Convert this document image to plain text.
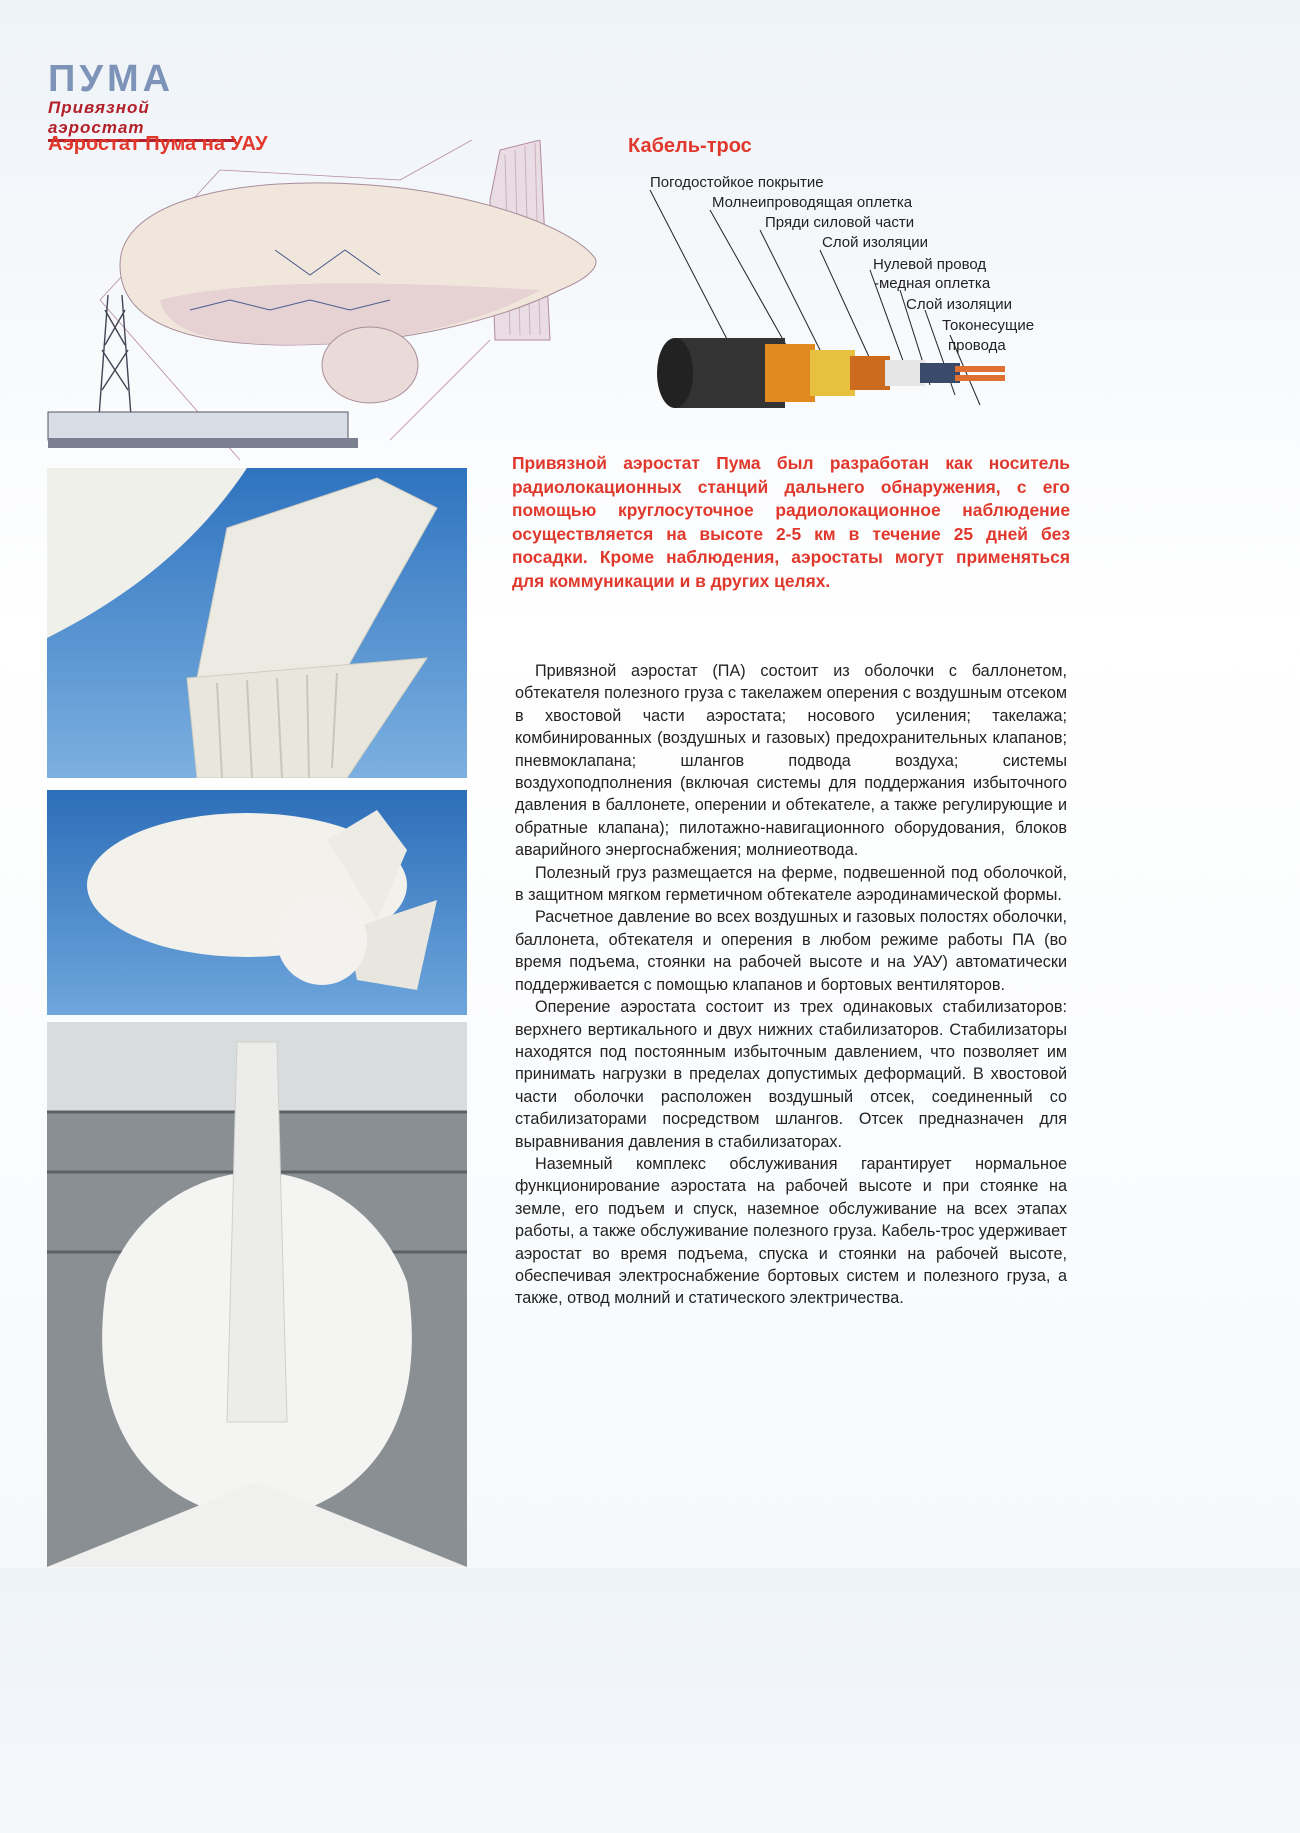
ПУМА
Привязной аэростат
Аэростат Пума на УАУ	Кабель-трос
Погодостойкое покрытие
Молнеипроводящая оплетка
Пряди силовой части
Слой изоляции
Нулевой провод
-медная оплетка
Слой изоляции
Токонесущие
провода

Привязной аэростат Пума был разработан как носитель радиолокационных станций дальнего обнаружения, с его помощью круглосуточное радиолокационное наблюдение осуществляется на высоте 2-5 км в течение 25 дней без посадки. Кроме наблюдения, аэростаты могут применяться для коммуникации и в других целях.

Привязной аэростат (ПА) состоит из оболочки с баллонетом, обтекателя полезного груза с такелажем оперения с воздушным отсеком в хвостовой части аэростата; носового усиления; такелажа; комбинированных (воздушных и газовых) предохранительных клапанов; пневмоклапана; шлангов подвода воздуха; системы воздухоподполнения (включая системы для поддержания избыточного давления в баллонете, оперении и обтекателе, а также регулирующие и обратные клапана); пилотажно-навигационного оборудования, блоков аварийного энергоснабжения; молниеотвода.

Полезный груз размещается на ферме, подвешенной под оболочкой, в защитном мягком герметичном обтекателе аэродинамической формы.

Расчетное давление во всех воздушных и газовых полостях оболочки, баллонета, обтекателя и оперения в любом режиме работы ПА (во время подъема, стоянки на рабочей высоте и на УАУ) автоматически поддерживается с помощью клапанов и бортовых вентиляторов.

Оперение аэростата состоит из трех одинаковых стабилизаторов: верхнего вертикального и двух нижних стабилизаторов. Стабилизаторы находятся под постоянным избыточным давлением, что позволяет им принимать нагрузки в пределах допустимых деформаций. В хвостовой части оболочки расположен воздушный отсек, соединенный со стабилизаторами посредством шлангов. Отсек предназначен для выравнивания давления в стабилизаторах.

Наземный комплекс обслуживания гарантирует нормальное функционирование аэростата на рабочей высоте и при стоянке на земле, его подъем и спуск, наземное обслуживание на всех этапах работы, а также обслуживание полезного груза. Кабель-трос удерживает аэростат во время подъема, спуска и стоянки на рабочей высоте, обеспечивая электроснабжение бортовых систем и полезного груза, а также, отвод молний и статического электричества.
